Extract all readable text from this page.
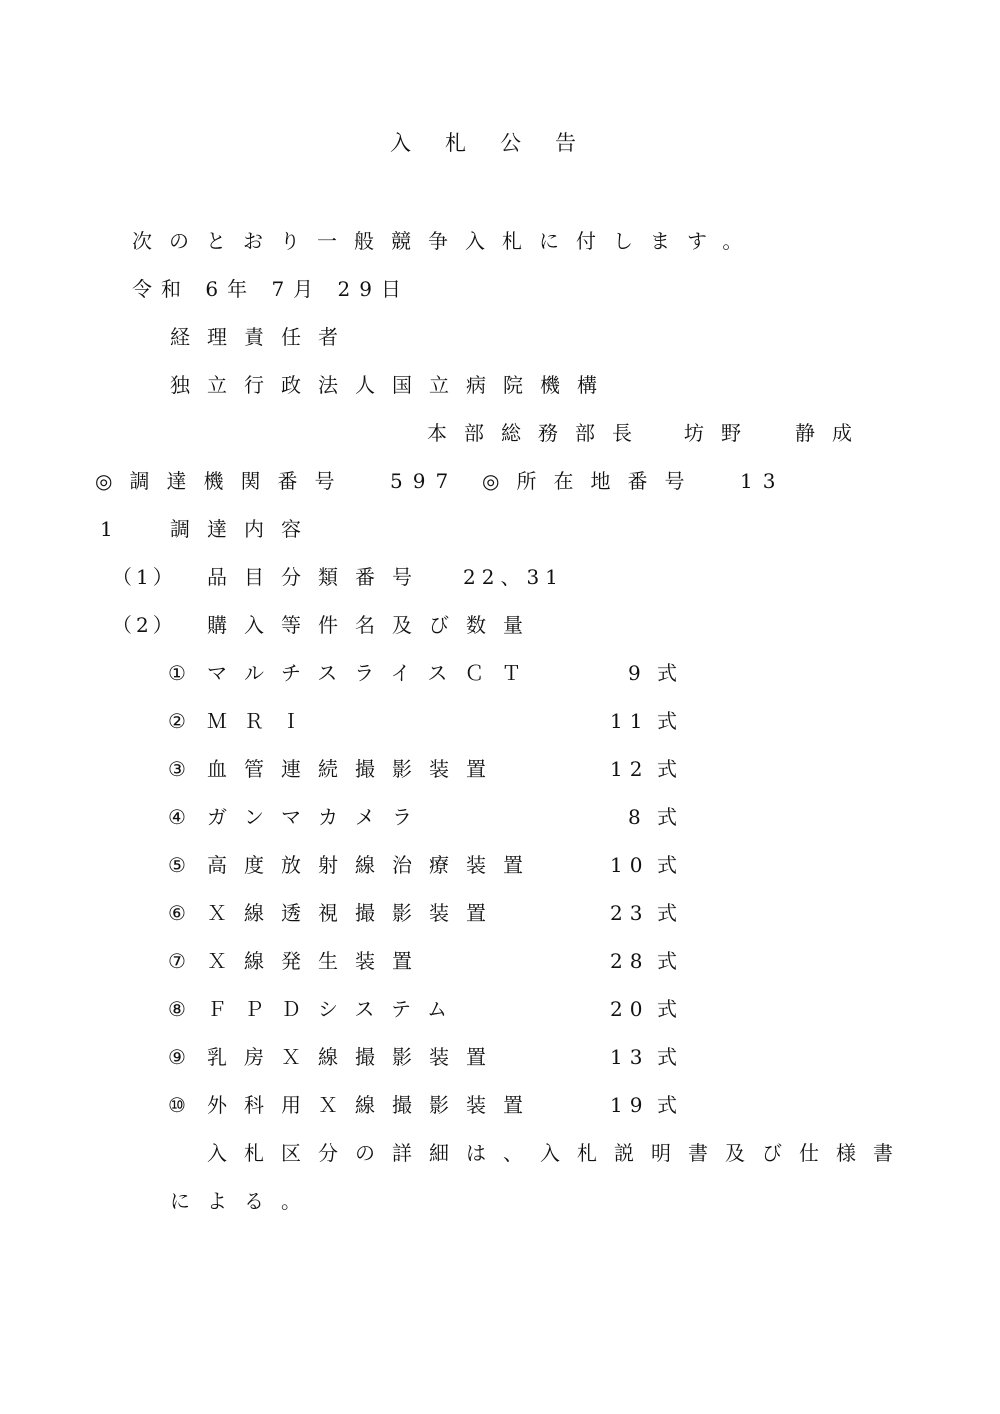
入札公告
次のとおり一般競争入札に付します。
令和 6年 7月 29日
経理責任者
独立行政法人国立病院機構
本部総務部長 坊野 静成
◎調達機関番号 597 ◎所在地番号 13
1 調達内容
（1） 品目分類番号 22、31
（2） 購入等件名及び数量
① マルチスライスＣＴ	9 式
② ＭＲＩ	11 式
③ 血管連続撮影装置	12 式
④ ガンマカメラ	8 式
⑤ 高度放射線治療装置	10 式
⑥ Ｘ線透視撮影装置	23 式
⑦ Ｘ線発生装置	28 式
⑧ ＦＰＤシステム	20 式
⑨ 乳房Ｘ線撮影装置	13 式
⑩ 外科用Ｘ線撮影装置	19 式
入札区分の詳細は、入札説明書及び仕様書
による。
